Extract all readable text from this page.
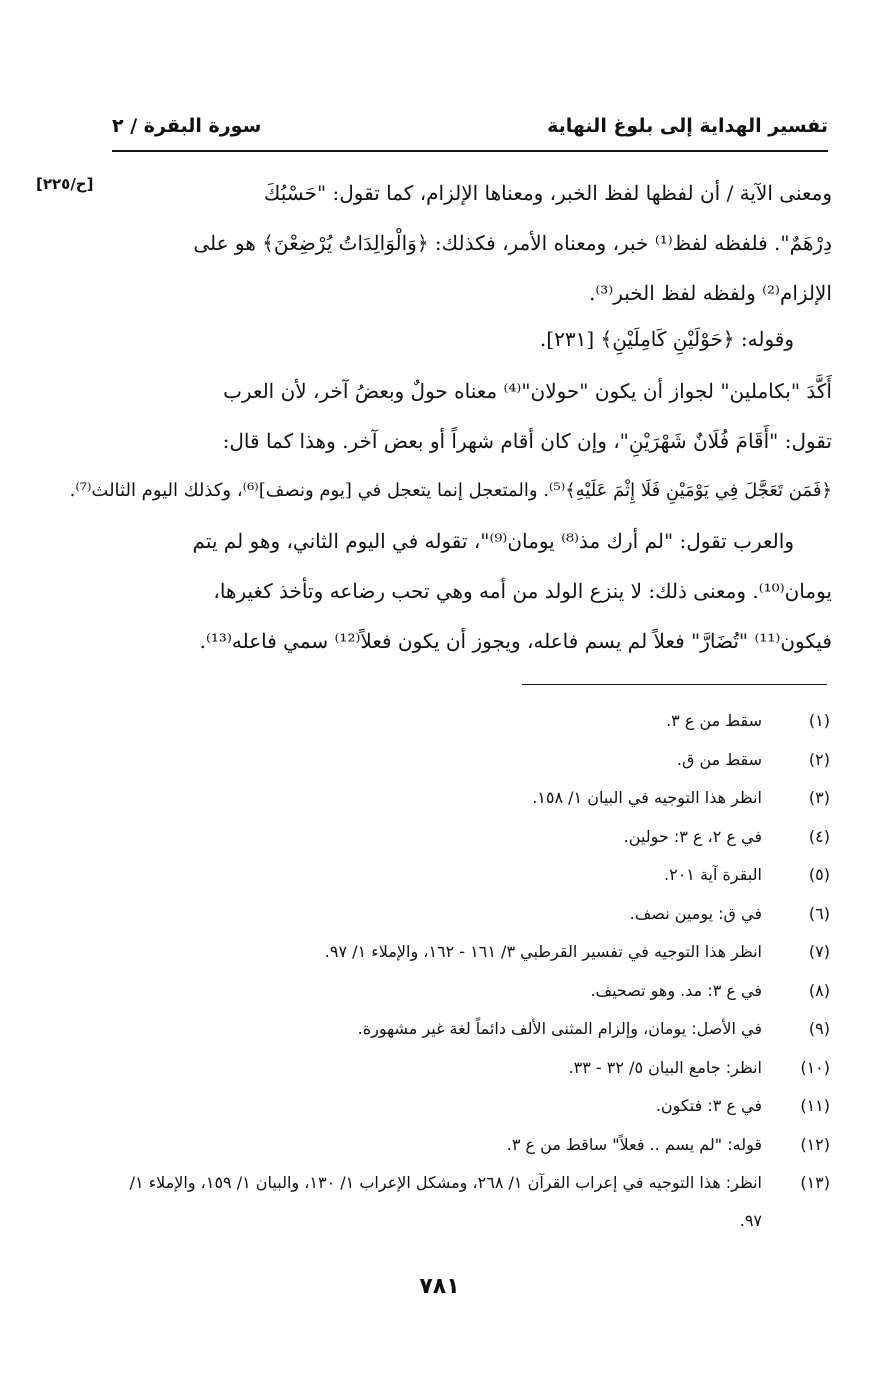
تفسير الهداية إلى بلوغ النهاية
سورة البقرة / ٢
[ح/٢٢٥]	ومعنى الآية / أن لفظها لفظ الخبر، ومعناها الإلزام، كما تقول: "حَسْبُكَ
دِرْهَمٌ". فلفظه لفظ⁽¹⁾ خبر، ومعناه الأمر، فكذلك: ﴿وَالْوَالِدَاتُ يُرْضِعْنَ﴾ هو على
الإلزام⁽²⁾ ولفظه لفظ الخبر⁽³⁾.
وقوله: ﴿حَوْلَيْنِ كَامِلَيْنِ﴾ [٢٣١].
أَكَّدَ "بكاملين" لجواز أن يكون "حولان"⁽⁴⁾ معناه حولٌ وبعضُ آخر، لأن العرب
تقول: "أَقَامَ فُلَانٌ شَهْرَيْنِ"، وإن كان أقام شهراً أو بعض آخر. وهذا كما قال:
﴿فَمَن تَعَجَّلَ فِي يَوْمَيْنِ فَلَا إِثْمَ عَلَيْهِ﴾⁽⁵⁾. والمتعجل إنما يتعجل في [يوم ونصف]⁽⁶⁾، وكذلك اليوم الثالث⁽⁷⁾.
والعرب تقول: "لم أرك مذ⁽⁸⁾ يومان⁽⁹⁾"، تقوله في اليوم الثاني، وهو لم يتم
يومان⁽¹⁰⁾. ومعنى ذلك: لا ينزع الولد من أمه وهي تحب رضاعه وتأخذ كغيرها،
فيكون⁽¹¹⁾ "تُضَارَّ" فعلاً لم يسم فاعله، ويجوز أن يكون فعلاً⁽¹²⁾ سمي فاعله⁽¹³⁾.
(١)
سقط من ع ٣.
(٢)
سقط من ق.
(٣)
انظر هذا التوجيه في البيان ١/ ١٥٨.
(٤)
في ع ٢، ع ٣: حولين.
(٥)
البقرة آية ٢٠١.
(٦)
في ق: يومين نصف.
(٧)
انظر هذا التوجيه في تفسير القرطبي ٣/ ١٦١ - ١٦٢، والإملاء ١/ ٩٧.
(٨)
في ع ٣: مد. وهو تصحيف.
(٩)
في الأصل: يومان، وإلزام المثنى الألف دائماً لغة غير مشهورة.
(١٠)
انظر: جامع البيان ٥/ ٣٢ - ٣٣.
(١١)
في ع ٣: فتكون.
(١٢)
قوله: "لم يسم .. فعلاً" ساقط من ع ٣.
(١٣)
انظر: هذا التوجيه في إعراب القرآن ١/ ٢٦٨، ومشكل الإعراب ١/ ١٣٠، والبيان ١/ ١٥٩، والإملاء ١/ ٩٧.
٧٨١
